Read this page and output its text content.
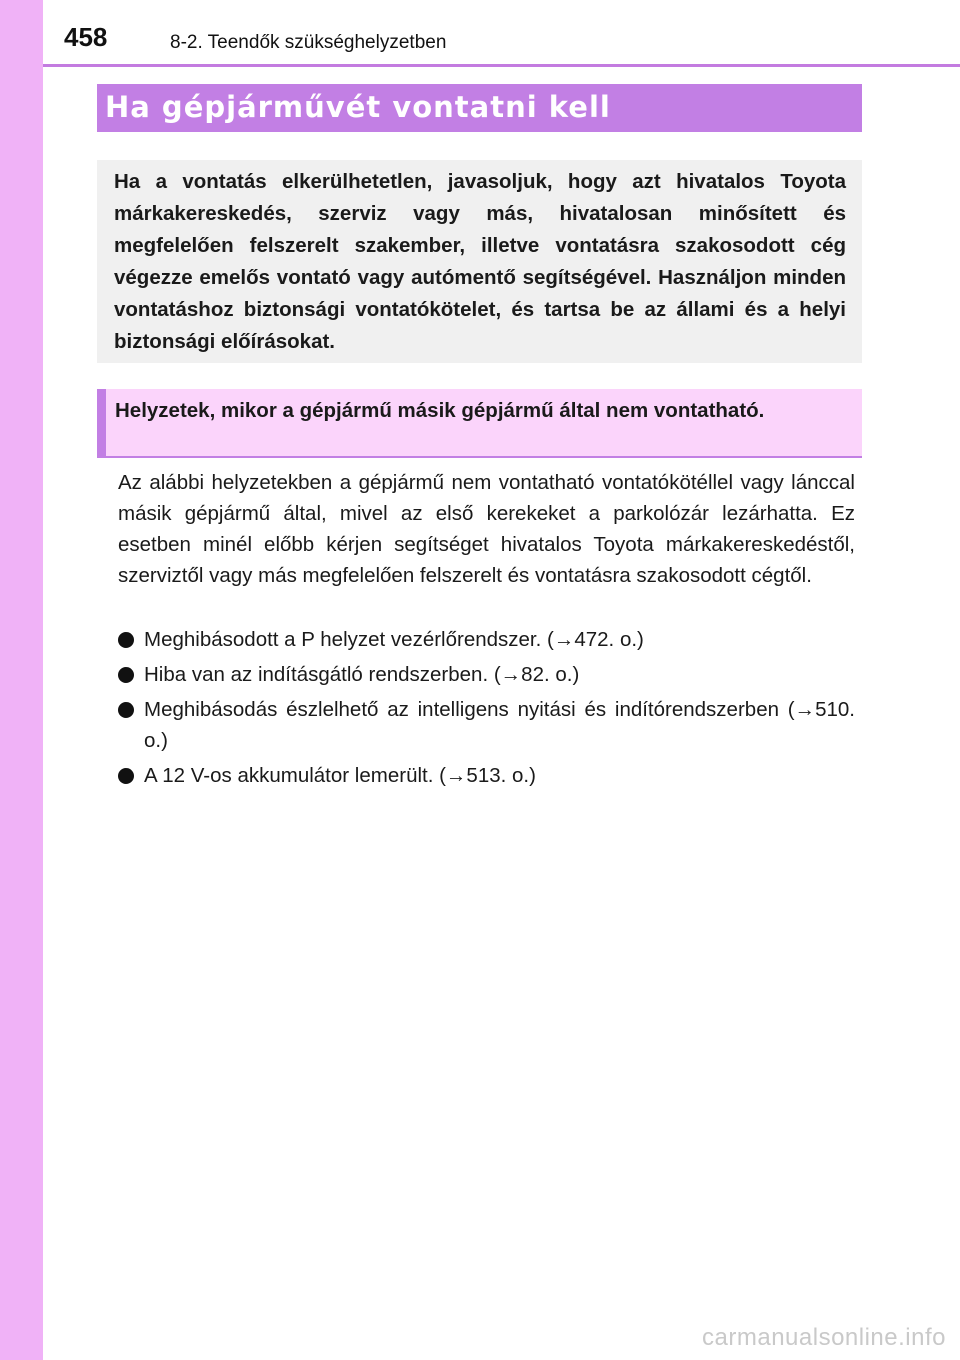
458	8-2. Teendők szükséghelyzetben
Ha gépjárművét vontatni kell
Ha a vontatás elkerülhetetlen, javasoljuk, hogy azt hivatalos Toyota márkakereskedés, szerviz vagy más, hivatalosan minősített és megfelelően felszerelt szakember, illetve vontatásra szakosodott cég végezze emelős vontató vagy autómentő segítségével. Használjon minden vontatáshoz biztonsági vontatókötelet, és tartsa be az állami és a helyi biztonsági előírásokat.
Helyzetek, mikor a gépjármű másik gépjármű által nem vontatható.
Az alábbi helyzetekben a gépjármű nem vontatható vontatókötéllel vagy lánccal másik gépjármű által, mivel az első kerekeket a parkolózár lezárhatta. Ez esetben minél előbb kérjen segítséget hivatalos Toyota márkakereskedéstől, szerviztől vagy más megfelelően felszerelt és vontatásra szakosodott cégtől.
Meghibásodott a P helyzet vezérlőrendszer. (→472. o.)
Hiba van az indításgátló rendszerben. (→82. o.)
Meghibásodás észlelhető az intelligens nyitási és indítórendszerben (→510. o.)
A 12 V-os akkumulátor lemerült. (→513. o.)
carmanualsonline.info
